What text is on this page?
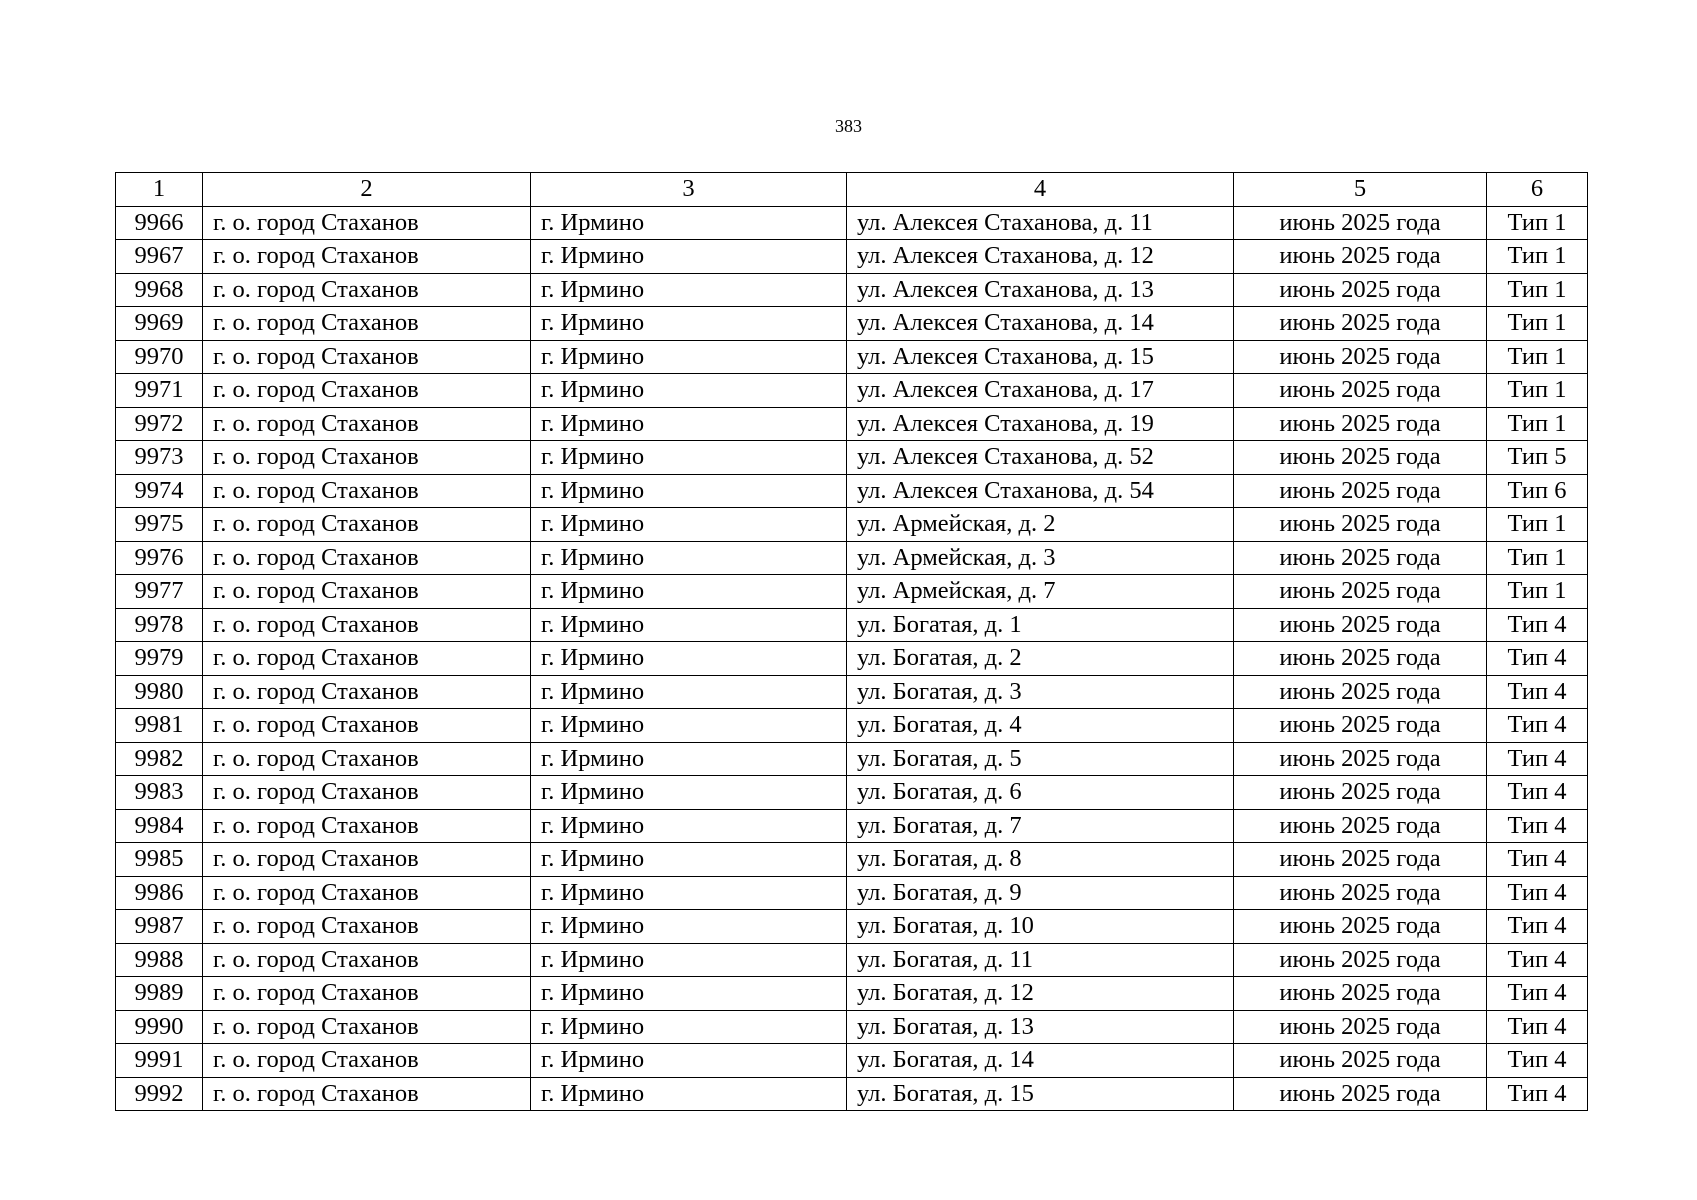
383
1	2	3	4	5	6
9966	г. о. город Стаханов	г. Ирмино	ул. Алексея Стаханова, д. 11	июнь 2025 года	Тип 1
9967	г. о. город Стаханов	г. Ирмино	ул. Алексея Стаханова, д. 12	июнь 2025 года	Тип 1
9968	г. о. город Стаханов	г. Ирмино	ул. Алексея Стаханова, д. 13	июнь 2025 года	Тип 1
9969	г. о. город Стаханов	г. Ирмино	ул. Алексея Стаханова, д. 14	июнь 2025 года	Тип 1
9970	г. о. город Стаханов	г. Ирмино	ул. Алексея Стаханова, д. 15	июнь 2025 года	Тип 1
9971	г. о. город Стаханов	г. Ирмино	ул. Алексея Стаханова, д. 17	июнь 2025 года	Тип 1
9972	г. о. город Стаханов	г. Ирмино	ул. Алексея Стаханова, д. 19	июнь 2025 года	Тип 1
9973	г. о. город Стаханов	г. Ирмино	ул. Алексея Стаханова, д. 52	июнь 2025 года	Тип 5
9974	г. о. город Стаханов	г. Ирмино	ул. Алексея Стаханова, д. 54	июнь 2025 года	Тип 6
9975	г. о. город Стаханов	г. Ирмино	ул. Армейская, д. 2	июнь 2025 года	Тип 1
9976	г. о. город Стаханов	г. Ирмино	ул. Армейская, д. 3	июнь 2025 года	Тип 1
9977	г. о. город Стаханов	г. Ирмино	ул. Армейская, д. 7	июнь 2025 года	Тип 1
9978	г. о. город Стаханов	г. Ирмино	ул. Богатая, д. 1	июнь 2025 года	Тип 4
9979	г. о. город Стаханов	г. Ирмино	ул. Богатая, д. 2	июнь 2025 года	Тип 4
9980	г. о. город Стаханов	г. Ирмино	ул. Богатая, д. 3	июнь 2025 года	Тип 4
9981	г. о. город Стаханов	г. Ирмино	ул. Богатая, д. 4	июнь 2025 года	Тип 4
9982	г. о. город Стаханов	г. Ирмино	ул. Богатая, д. 5	июнь 2025 года	Тип 4
9983	г. о. город Стаханов	г. Ирмино	ул. Богатая, д. 6	июнь 2025 года	Тип 4
9984	г. о. город Стаханов	г. Ирмино	ул. Богатая, д. 7	июнь 2025 года	Тип 4
9985	г. о. город Стаханов	г. Ирмино	ул. Богатая, д. 8	июнь 2025 года	Тип 4
9986	г. о. город Стаханов	г. Ирмино	ул. Богатая, д. 9	июнь 2025 года	Тип 4
9987	г. о. город Стаханов	г. Ирмино	ул. Богатая, д. 10	июнь 2025 года	Тип 4
9988	г. о. город Стаханов	г. Ирмино	ул. Богатая, д. 11	июнь 2025 года	Тип 4
9989	г. о. город Стаханов	г. Ирмино	ул. Богатая, д. 12	июнь 2025 года	Тип 4
9990	г. о. город Стаханов	г. Ирмино	ул. Богатая, д. 13	июнь 2025 года	Тип 4
9991	г. о. город Стаханов	г. Ирмино	ул. Богатая, д. 14	июнь 2025 года	Тип 4
9992	г. о. город Стаханов	г. Ирмино	ул. Богатая, д. 15	июнь 2025 года	Тип 4
